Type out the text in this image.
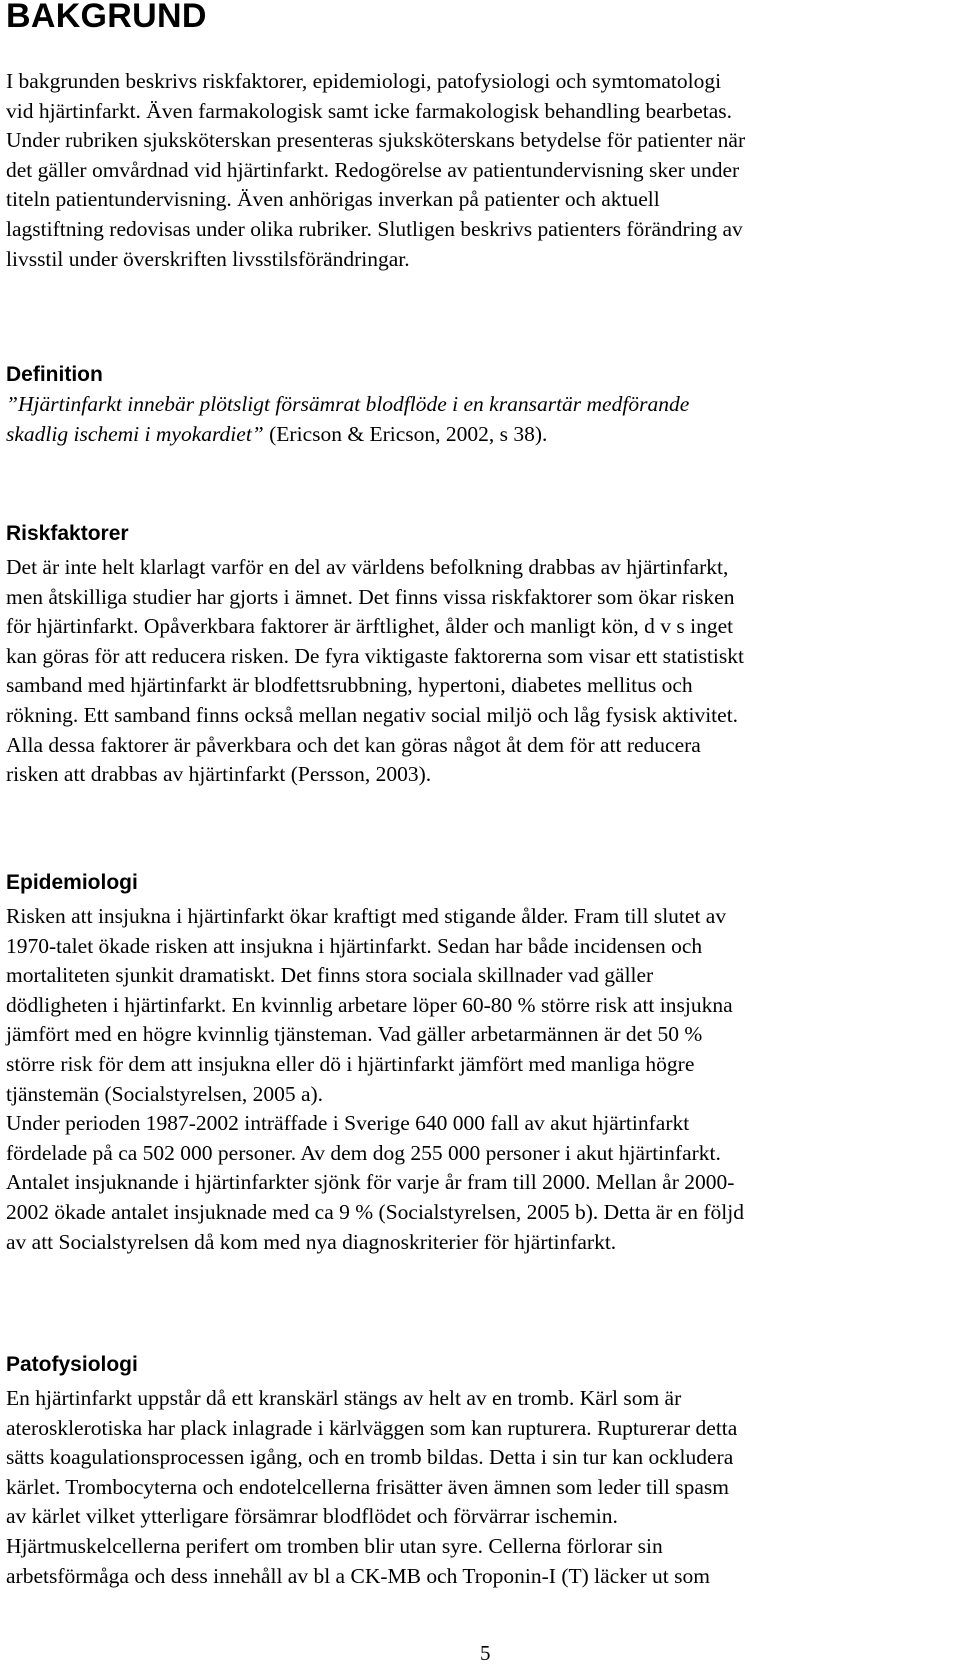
BAKGRUND

I bakgrunden beskrivs riskfaktorer, epidemiologi, patofysiologi och symtomatologi
vid hjärtinfarkt. Även farmakologisk samt icke farmakologisk behandling bearbetas.
Under rubriken sjuksköterskan presenteras sjuksköterskans betydelse för patienter när
det gäller omvårdnad vid hjärtinfarkt. Redogörelse av patientundervisning sker under
titeln patientundervisning. Även anhörigas inverkan på patienter och aktuell
lagstiftning redovisas under olika rubriker. Slutligen beskrivs patienters förändring av
livsstil under överskriften livsstilsförändringar.

Definition

”Hjärtinfarkt innebär plötsligt försämrat blodflöde i en kransartär medförande
skadlig ischemi i myokardiet” (Ericson & Ericson, 2002, s 38).

Riskfaktorer

Det är inte helt klarlagt varför en del av världens befolkning drabbas av hjärtinfarkt,
men åtskilliga studier har gjorts i ämnet. Det finns vissa riskfaktorer som ökar risken
för hjärtinfarkt. Opåverkbara faktorer är ärftlighet, ålder och manligt kön, d v s inget
kan göras för att reducera risken. De fyra viktigaste faktorerna som visar ett statistiskt
samband med hjärtinfarkt är blodfettsrubbning, hypertoni, diabetes mellitus och
rökning. Ett samband finns också mellan negativ social miljö och låg fysisk aktivitet.
Alla dessa faktorer är påverkbara och det kan göras något åt dem för att reducera
risken att drabbas av hjärtinfarkt (Persson, 2003).

Epidemiologi

Risken att insjukna i hjärtinfarkt ökar kraftigt med stigande ålder. Fram till slutet av
1970-talet ökade risken att insjukna i hjärtinfarkt. Sedan har både incidensen och
mortaliteten sjunkit dramatiskt. Det finns stora sociala skillnader vad gäller
dödligheten i hjärtinfarkt. En kvinnlig arbetare löper 60-80 % större risk att insjukna
jämfört med en högre kvinnlig tjänsteman. Vad gäller arbetarmännen är det 50 %
större risk för dem att insjukna eller dö i hjärtinfarkt jämfört med manliga högre
tjänstemän (Socialstyrelsen, 2005 a).
Under perioden 1987-2002 inträffade i Sverige 640 000 fall av akut hjärtinfarkt
fördelade på ca 502 000 personer. Av dem dog 255 000 personer i akut hjärtinfarkt.
Antalet insjuknande i hjärtinfarkter sjönk för varje år fram till 2000. Mellan år 2000-
2002 ökade antalet insjuknade med ca 9 % (Socialstyrelsen, 2005 b). Detta är en följd
av att Socialstyrelsen då kom med nya diagnoskriterier för hjärtinfarkt.

Patofysiologi

En hjärtinfarkt uppstår då ett kranskärl stängs av helt av en tromb. Kärl som är
aterosklerotiska har plack inlagrade i kärlväggen som kan rupturera. Rupturerar detta
sätts koagulationsprocessen igång, och en tromb bildas. Detta i sin tur kan ockludera
kärlet. Trombocyterna och endotelcellerna frisätter även ämnen som leder till spasm
av kärlet vilket ytterligare försämrar blodflödet och förvärrar ischemin.
Hjärtmuskelcellerna perifert om tromben blir utan syre. Cellerna förlorar sin
arbetsförmåga och dess innehåll av bl a CK-MB och Troponin-I (T) läcker ut som

5
